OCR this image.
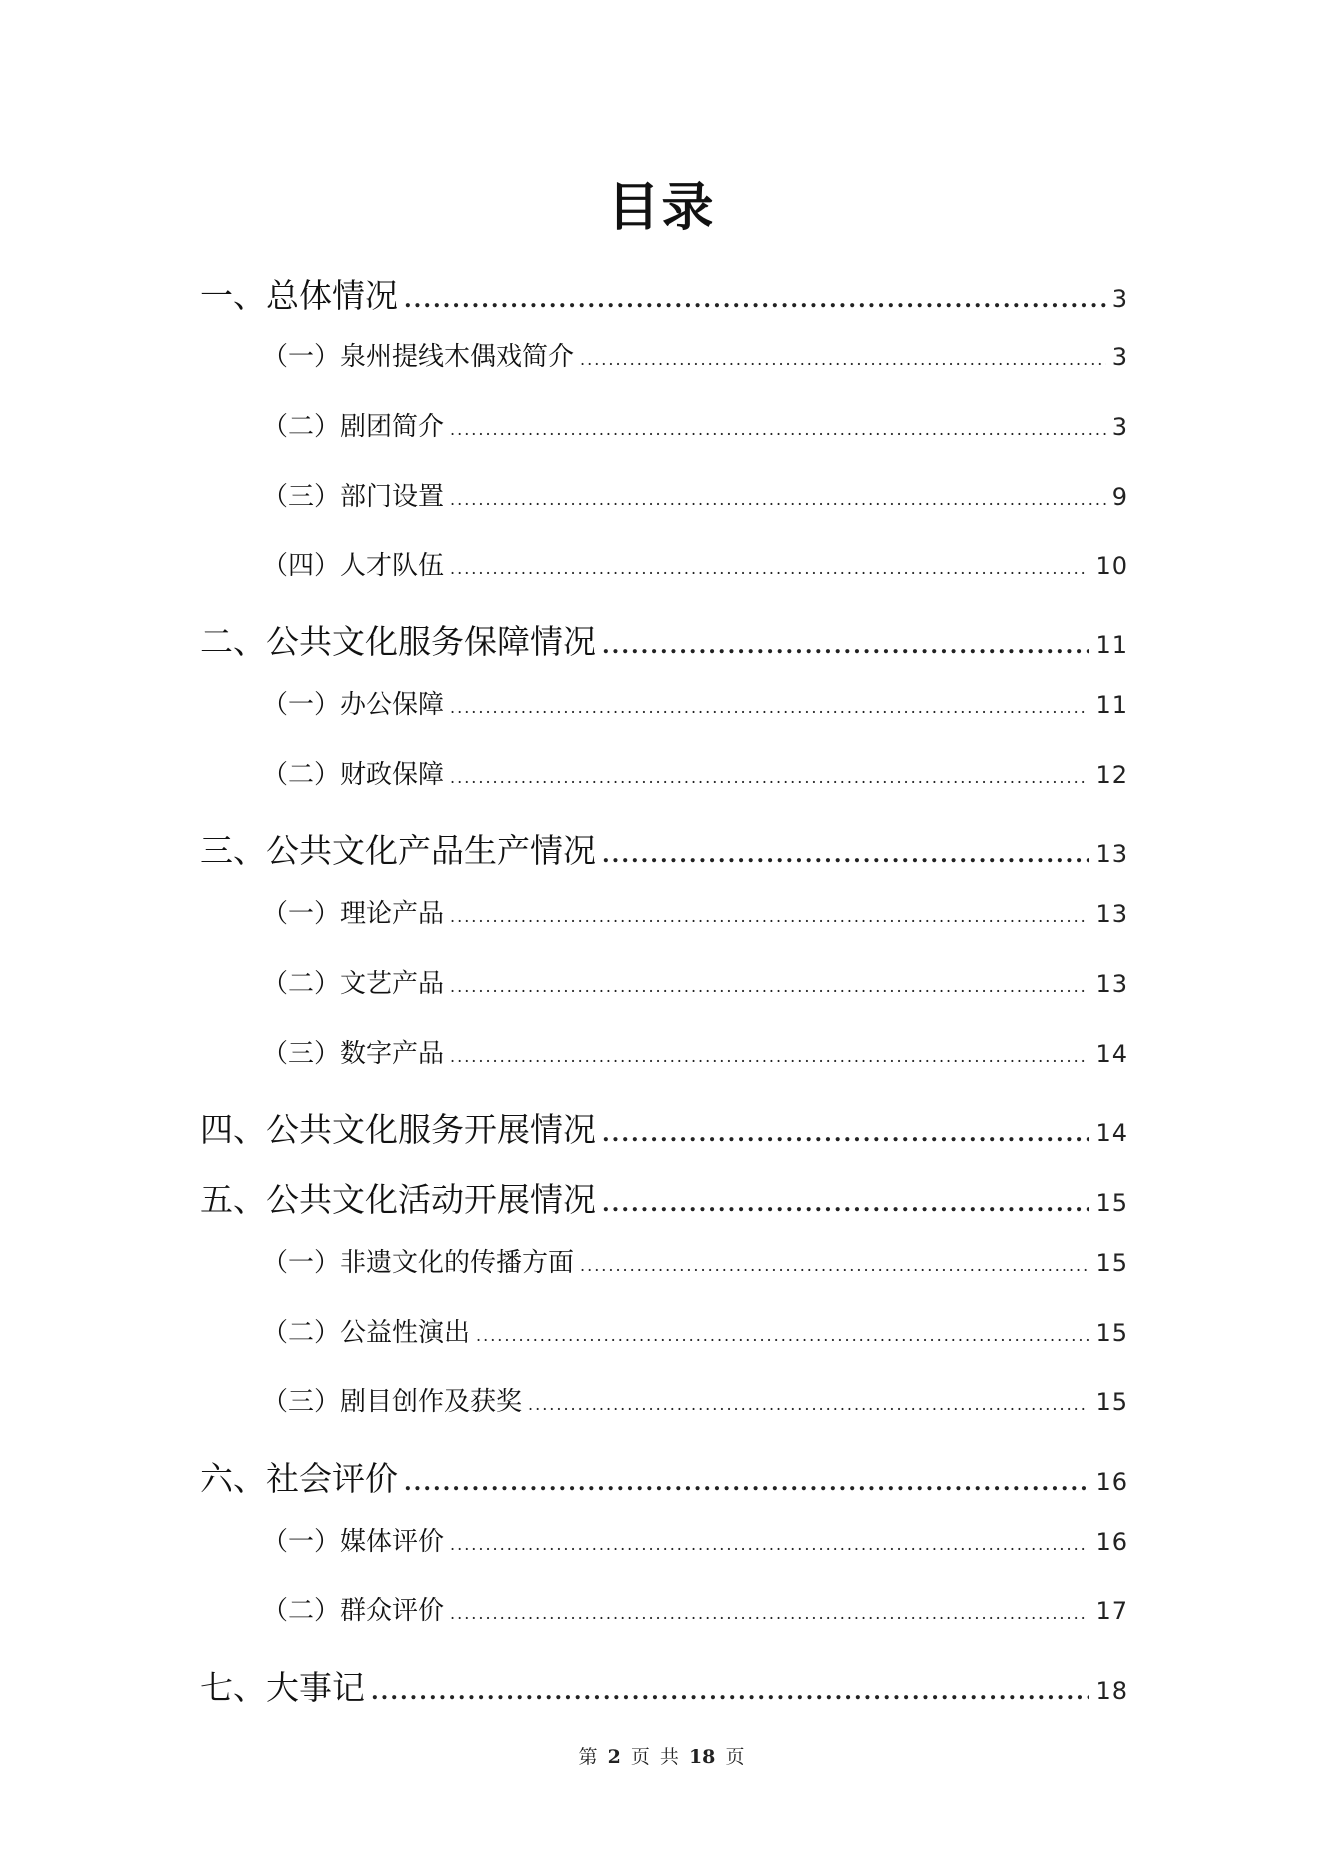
目录
一、 总体情况 .....	3
（一） 泉州提线木偶戏简介 .....	3
（二） 剧团简介 .....	3
（三） 部门设置 .....	9
（四） 人才队伍 .....	10
二、 公共文化服务保障情况 .....	11
（一） 办公保障 .....	11
（二） 财政保障 .....	12
三、 公共文化产品生产情况 .....	13
（一） 理论产品 .....	13
（二） 文艺产品 .....	13
（三） 数字产品 .....	14
四、 公共文化服务开展情况 .....	14
五、 公共文化活动开展情况 .....	15
（一） 非遗文化的传播方面 .....	15
（二） 公益性演出 .....	15
（三） 剧目创作及获奖 .....	15
六、 社会评价 .....	16
（一） 媒体评价 .....	16
（二） 群众评价 .....	17
七、 大事记 .....	18
第 2 页 共 18 页
